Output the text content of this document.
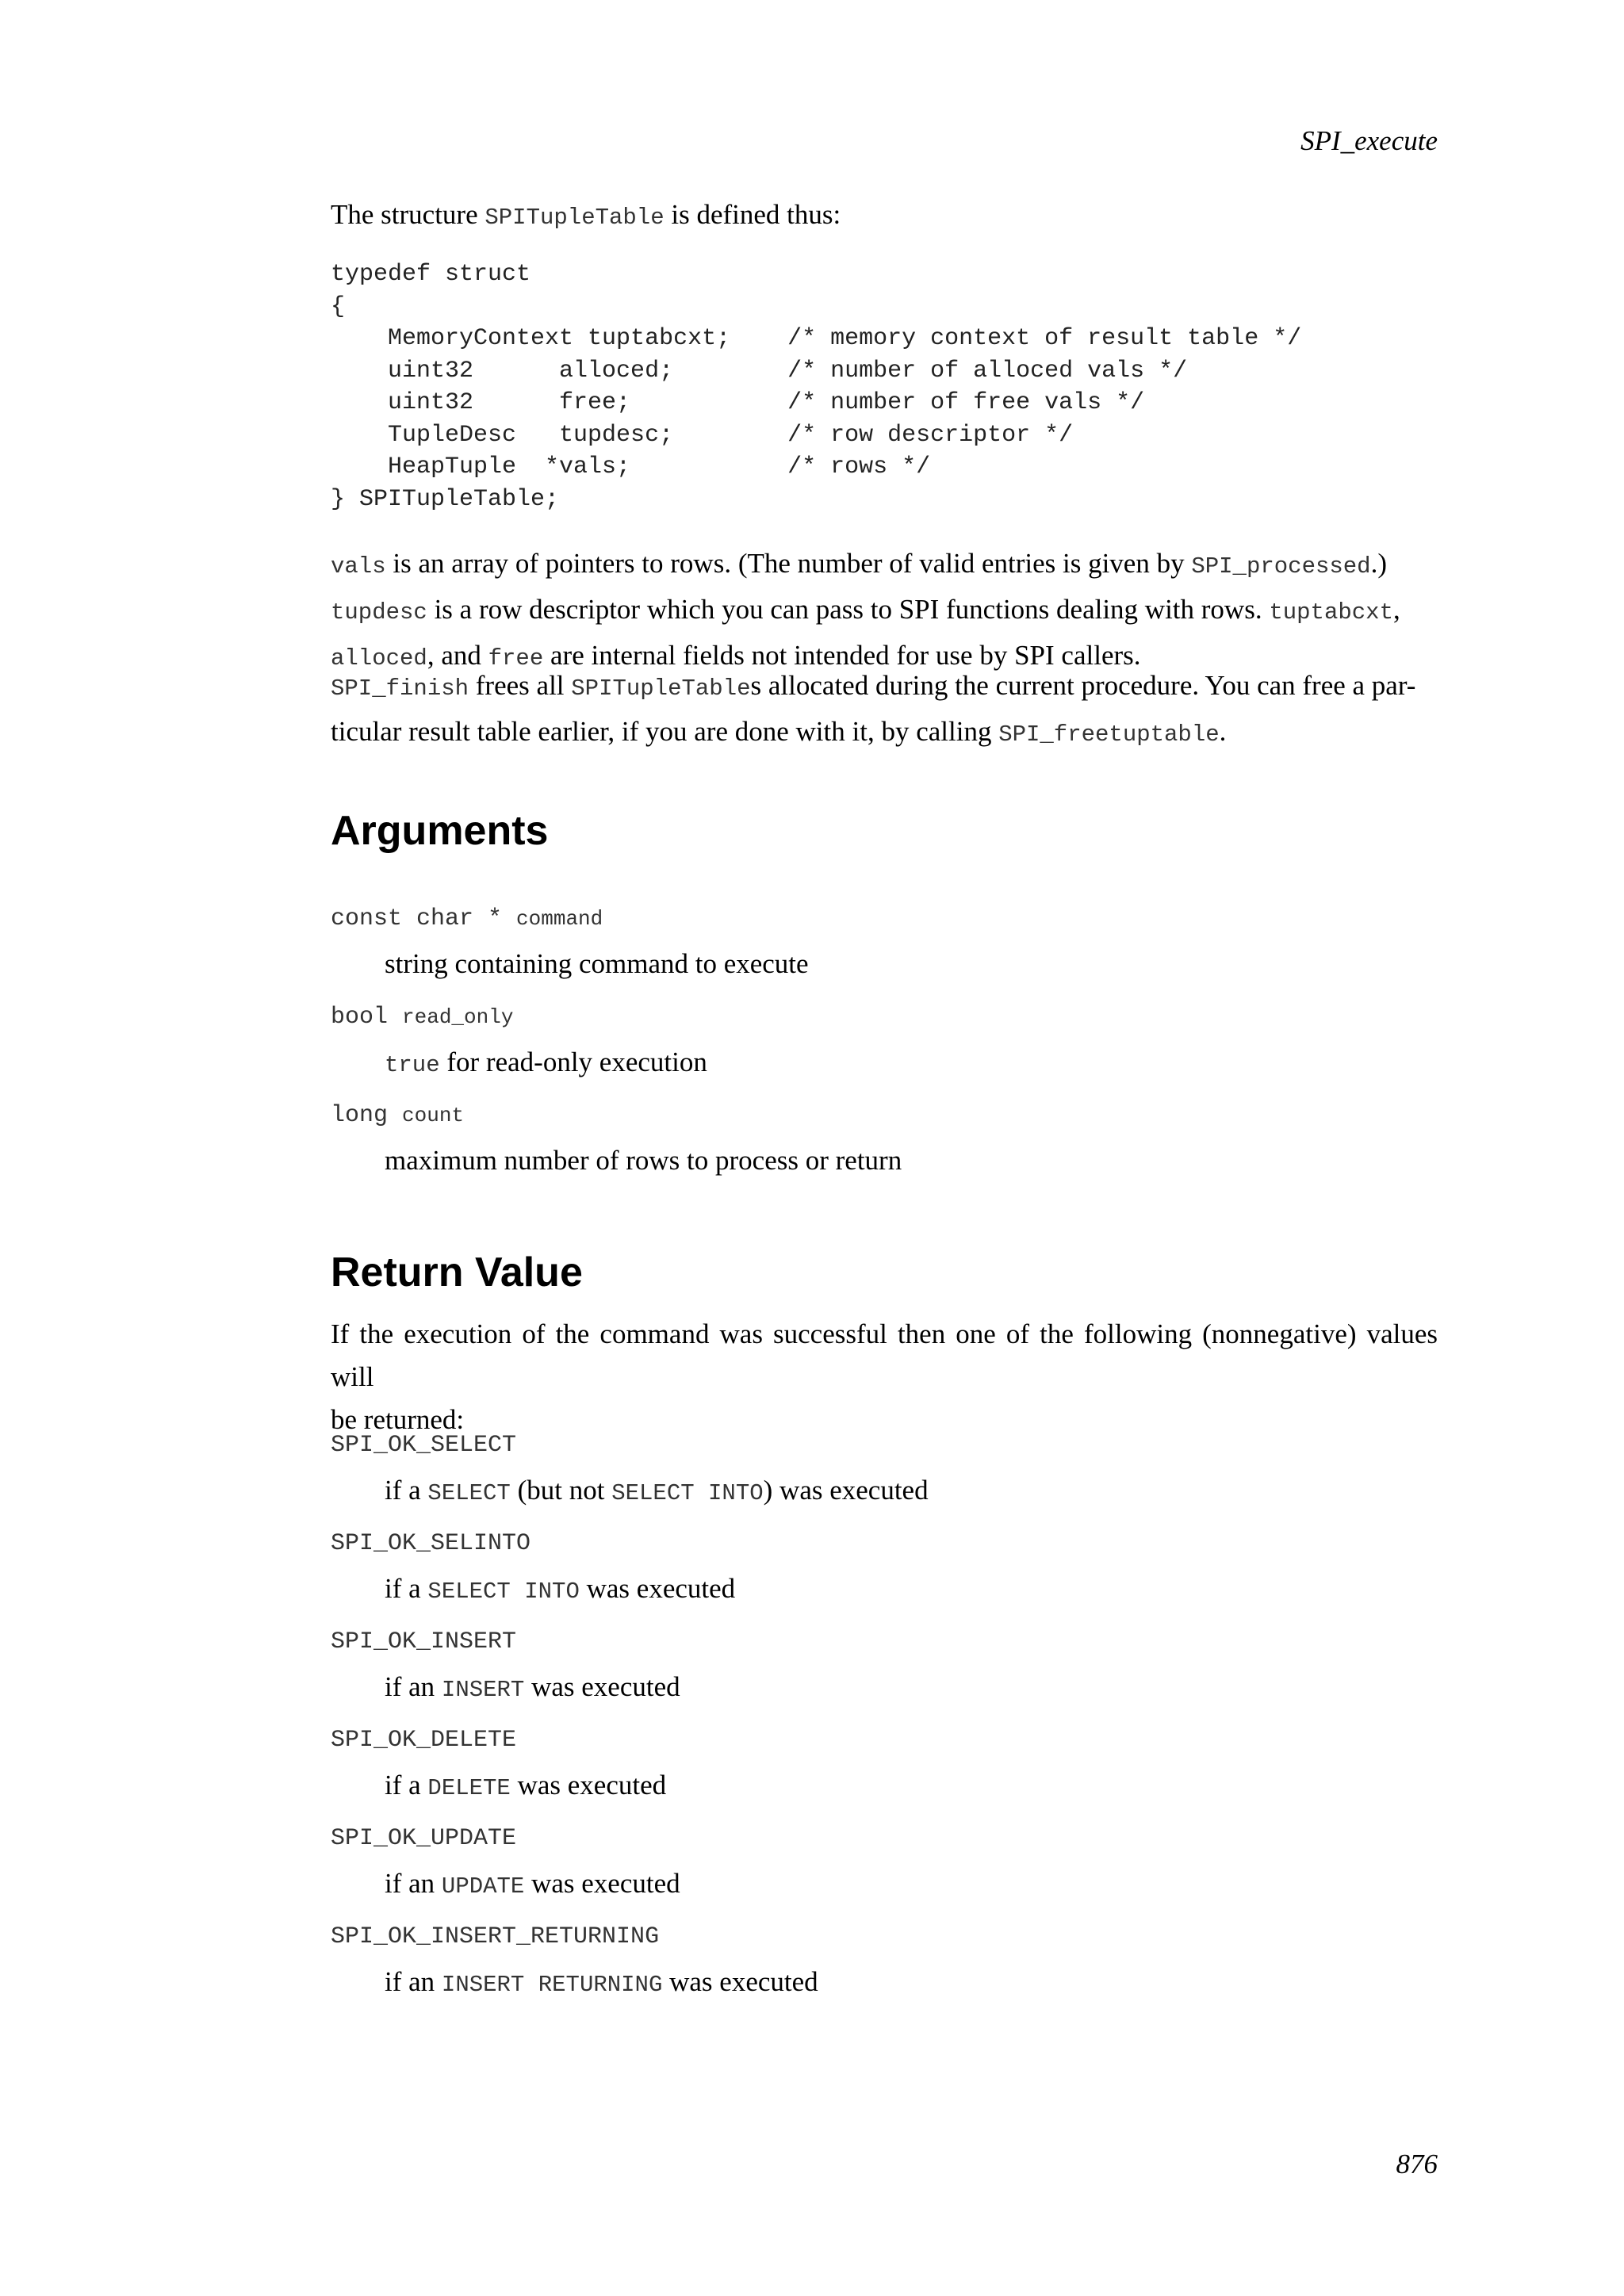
SPI_execute

The structure SPITupleTable is defined thus:

typedef struct
{
MemoryContext tuptabcxt;    /* memory context of result table */
uint32      alloced;        /* number of alloced vals */
uint32      free;           /* number of free vals */
TupleDesc   tupdesc;        /* row descriptor */
HeapTuple  *vals;           /* rows */
} SPITupleTable;

vals is an array of pointers to rows. (The number of valid entries is given by SPI_processed.)
tupdesc is a row descriptor which you can pass to SPI functions dealing with rows. tuptabcxt,
alloced, and free are internal fields not intended for use by SPI callers.

SPI_finish frees all SPITupleTables allocated during the current procedure. You can free a par-
ticular result table earlier, if you are done with it, by calling SPI_freetuptable.

Arguments
const char * command
string containing command to execute
bool read_only
true for read-only execution
long count
maximum number of rows to process or return
Return Value

If the execution of the command was successful then one of the following (nonnegative) values will
be returned:

SPI_OK_SELECT
if a SELECT (but not SELECT INTO) was executed
SPI_OK_SELINTO
if a SELECT INTO was executed
SPI_OK_INSERT
if an INSERT was executed
SPI_OK_DELETE
if a DELETE was executed
SPI_OK_UPDATE
if an UPDATE was executed
SPI_OK_INSERT_RETURNING
if an INSERT RETURNING was executed
876
